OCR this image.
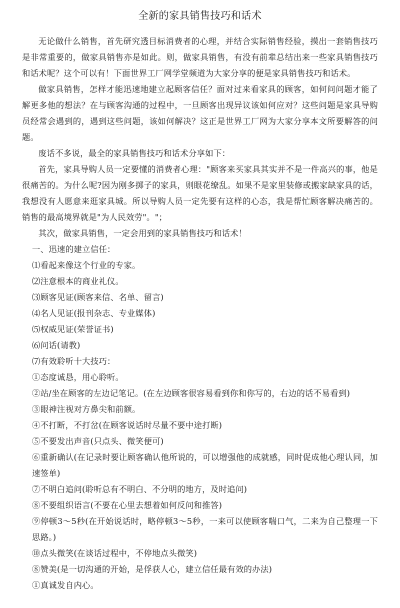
全新的家具销售技巧和话术

无论做什么销售，首先研究透目标消费者的心理，并结合实际销售经验，摸出一套销售技巧是非常重要的，做家具销售亦是如此。则，做家具销售，有没有前辈总结出来一些家具销售技巧和话术呢？这个可以有！下面世界工厂网学堂频道为大家分享的便是家具销售技巧和话术。

做家具销售，怎样才能迅速地建立起顾客信任？面对过来看家具的顾客，如何问问题才能了解更多他的想法？在与顾客沟通的过程中，一旦顾客出现异议该如何应对？这些问题是家具导购员经常会遇到的，遇到这些问题，该如何解决？这正是世界工厂网为大家分享本文所要解答的问题。

废话不多说，最全的家具销售技巧和话术分享如下：

首先，家具导购人员一定要懂的消费者心理："顾客来买家具其实并不是一件高兴的事，他是很痛苦的。为什么呢?因为刚多掷子的家具，则眼花缭乱。如果不是家里装修或搬家缺家具的话，我想没有人愿意来逛家具城。所以导购人员一定先要有这样的心态，我是帮忙顾客解决痛苦的。销售的最高境界就是"为人民效劳"。"；

其次，做家具销售，一定会用到的家具销售技巧和话术！

一、迅速的建立信任：

⑴看起来像这个行业的专家。

⑵注意根本的商业礼仪。

⑶顾客见证(顾客来信、名单、留言)

⑷名人见证(报刊杂志、专业媒体)

⑸权威见证(荣誉证书)

⑹问话(请教)

⑺有效聆听十大技巧：

①态度诚恳，用心聆听。

②站/坐在顾客的左边记笔记。(在左边顾客很容易看到你和你写的，右边的话不易看到)

③眼神注视对方鼻尖和前额。

④不打断，不打岔(在顾客说话时尽量不要中途打断)

⑤不要发出声音(只点头、微笑便可)

⑥重新确认(在记录时要让顾客确认他所说的，可以增强他的成就感，同时促成他心理认同，加速签单)

⑦不明白追问(聆听总有不明白、不分明的地方，及时追问)

⑧不要组织语言(不要在心里去想着如何反问和推答)

⑨停顿3～5秒(在开始说话时，略停顿3～5秒，一来可以使顾客喘口气，二来为自己整理一下思路。)

⑩点头微笑(在谈话过程中，不停地点头微笑)

⑧赞美(是一切沟通的开始，是俘获人心，建立信任最有效的办法)

①真诚发自内心。
